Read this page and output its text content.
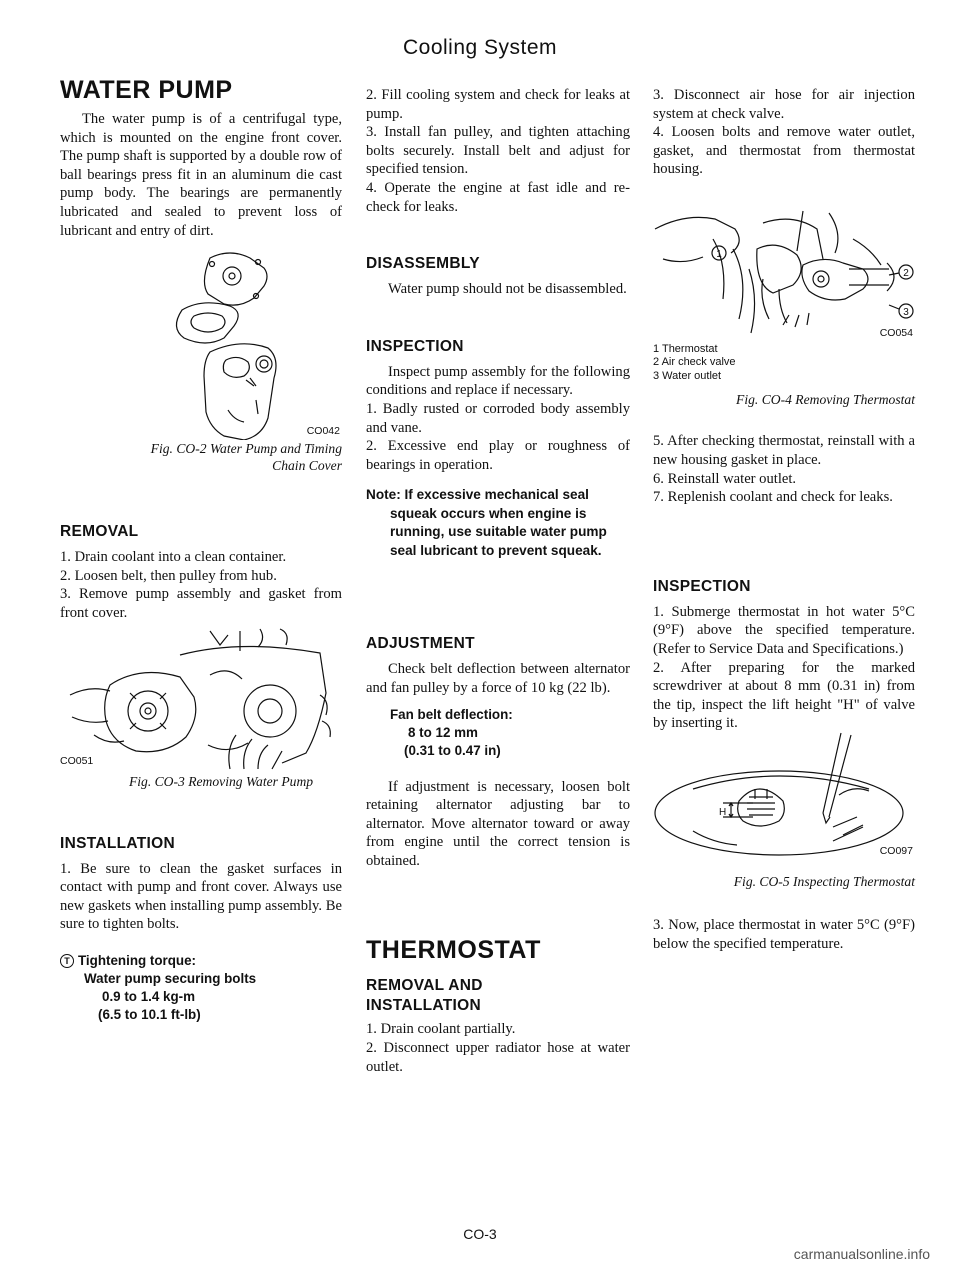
Cooling System
WATER PUMP

The water pump is of a centrifugal type, which is mounted on the engine front cover. The pump shaft is supported by a double row of ball bearings press fit in an aluminum die cast pump body. The bearings are permanently lubricated and sealed to prevent loss of lubricant and entry of dirt.

CO042
Fig. CO-2 Water Pump and Timing
Chain Cover
REMOVAL

1. Drain coolant into a clean container.

2. Loosen belt, then pulley from hub.

3. Remove pump assembly and gasket from front cover.

CO051
Fig. CO-3 Removing Water Pump
INSTALLATION

1. Be sure to clean the gasket surfaces in contact with pump and front cover. Always use new gaskets when installing pump assembly. Be sure to tighten bolts.

T Tightening torque:
Water pump securing bolts
0.9 to 1.4 kg-m
(6.5 to 10.1 ft-lb)

2. Fill cooling system and check for leaks at pump.

3. Install fan pulley, and tighten attaching bolts securely. Install belt and adjust for specified tension.

4. Operate the engine at fast idle and re-check for leaks.

DISASSEMBLY

Water pump should not be disassembled.

INSPECTION

Inspect pump assembly for the following conditions and replace if necessary.

1. Badly rusted or corroded body assembly and vane.

2. Excessive end play or roughness of bearings in operation.

Note: If excessive mechanical seal
squeak occurs when engine is running, use suitable water pump seal lubricant to prevent squeak.
ADJUSTMENT

Check belt deflection between alternator and fan pulley by a force of 10 kg (22 lb).

Fan belt deflection:
8 to 12 mm
(0.31 to 0.47 in)

If adjustment is necessary, loosen bolt retaining alternator adjusting bar to alternator. Move alternator toward or away from engine until the correct tension is obtained.

THERMOSTAT
REMOVAL AND
INSTALLATION

1. Drain coolant partially.

2. Disconnect upper radiator hose at water outlet.

3. Disconnect air hose for air injection system at check valve.

4. Loosen bolts and remove water outlet, gasket, and thermostat from thermostat housing.

1
2
3
CO054
1 Thermostat
2 Air check valve
3 Water outlet
Fig. CO-4 Removing Thermostat

5. After checking thermostat, reinstall with a new housing gasket in place.

6. Reinstall water outlet.

7. Replenish coolant and check for leaks.

INSPECTION

1. Submerge thermostat in hot water 5°C (9°F) above the specified temperature. (Refer to Service Data and Specifications.)

2. After preparing for the marked screwdriver at about 8 mm (0.31 in) from the tip, inspect the lift height "H" of valve by inserting it.

H
CO097
Fig. CO-5 Inspecting Thermostat

3. Now, place thermostat in water 5°C (9°F) below the specified temperature.

CO-3
carmanualsonline.info
